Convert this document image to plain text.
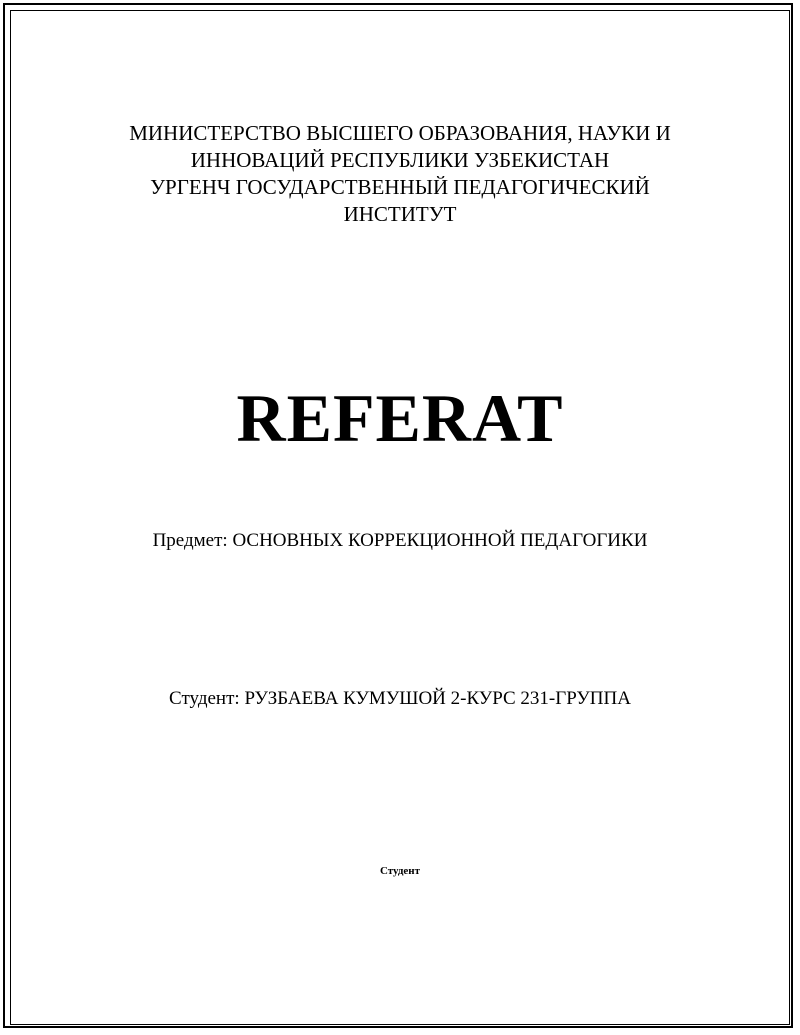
МИНИСТЕРСТВО ВЫСШЕГО ОБРАЗОВАНИЯ, НАУКИ И
ИННОВАЦИЙ РЕСПУБЛИКИ УЗБЕКИСТАН
УРГЕНЧ ГОСУДАРСТВЕННЫЙ ПЕДАГОГИЧЕСКИЙ
ИНСТИТУТ
REFERAT
Предмет: ОСНОВНЫХ КОРРЕКЦИОННОЙ ПЕДАГОГИКИ
Студент: РУЗБАЕВА КУМУШОЙ 2-КУРС 231-ГРУППА
Студент
